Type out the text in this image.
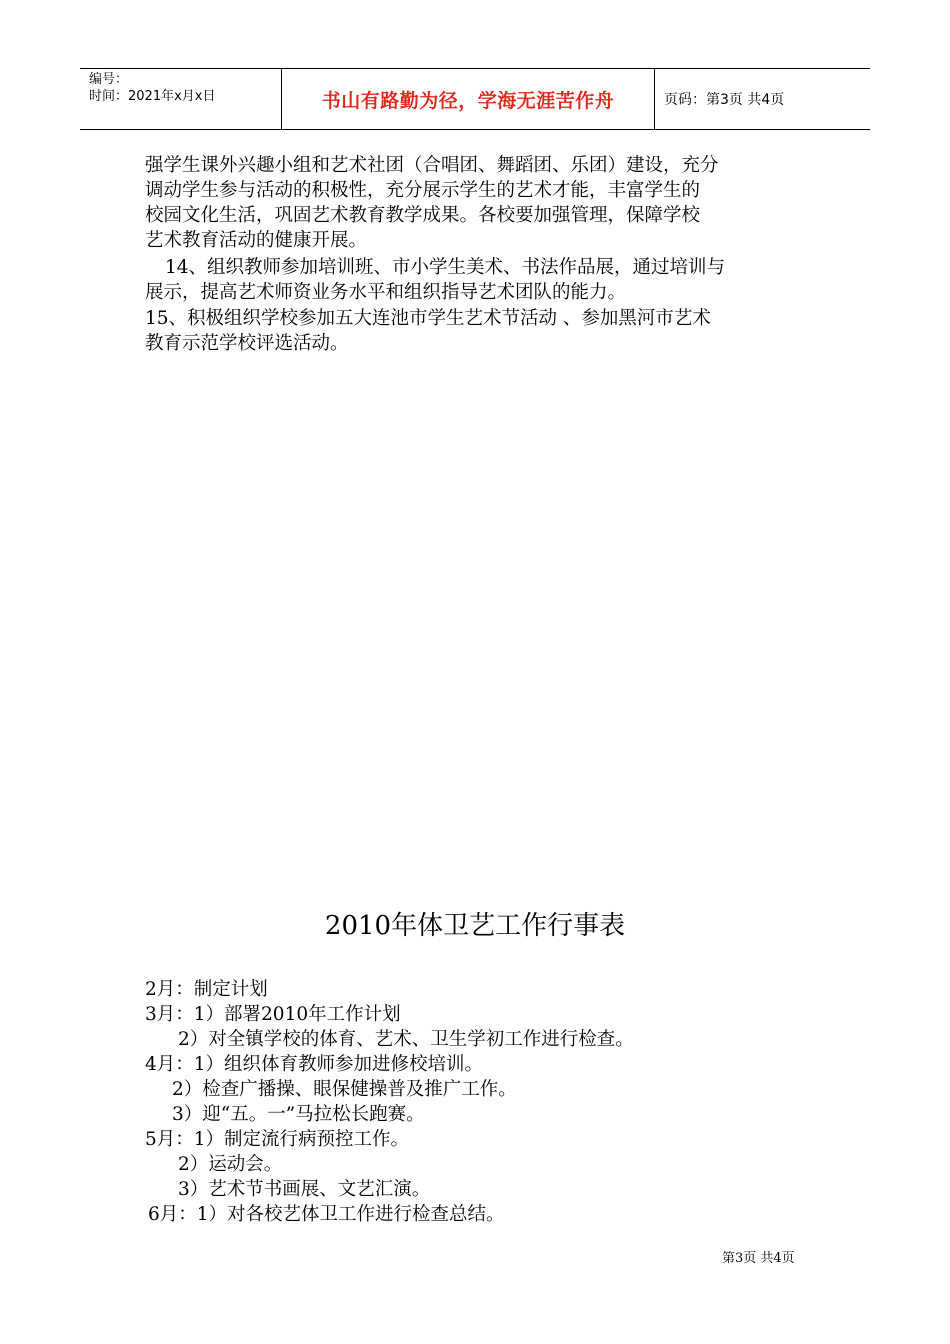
编号：
时间：2021年x月x日	书山有路勤为径，学海无涯苦作舟	页码：第3页 共4页

强学生课外兴趣小组和艺术社团（合唱团、舞蹈团、乐团）建设，充分
调动学生参与活动的积极性，充分展示学生的艺术才能，丰富学生的
校园文化生活，巩固艺术教育教学成果。各校要加强管理，保障学校
艺术教育活动的健康开展。

14、组织教师参加培训班、市小学生美术、书法作品展，通过培训与
展示，提高艺术师资业务水平和组织指导艺术团队的能力。

15、积极组织学校参加五大连池市学生艺术节活动 、参加黑河市艺术
教育示范学校评选活动。

2010年体卫艺工作行事表

2月：制定计划

3月：1）部署2010年工作计划

2）对全镇学校的体育、艺术、卫生学初工作进行检查。

4月：1）组织体育教师参加进修校培训。

2）检查广播操、眼保健操普及推广工作。

3）迎“五。一”马拉松长跑赛。

5月：1）制定流行病预控工作。

2）运动会。

3）艺术节书画展、文艺汇演。

6月：1）对各校艺体卫工作进行检查总结。

第3页 共4页
